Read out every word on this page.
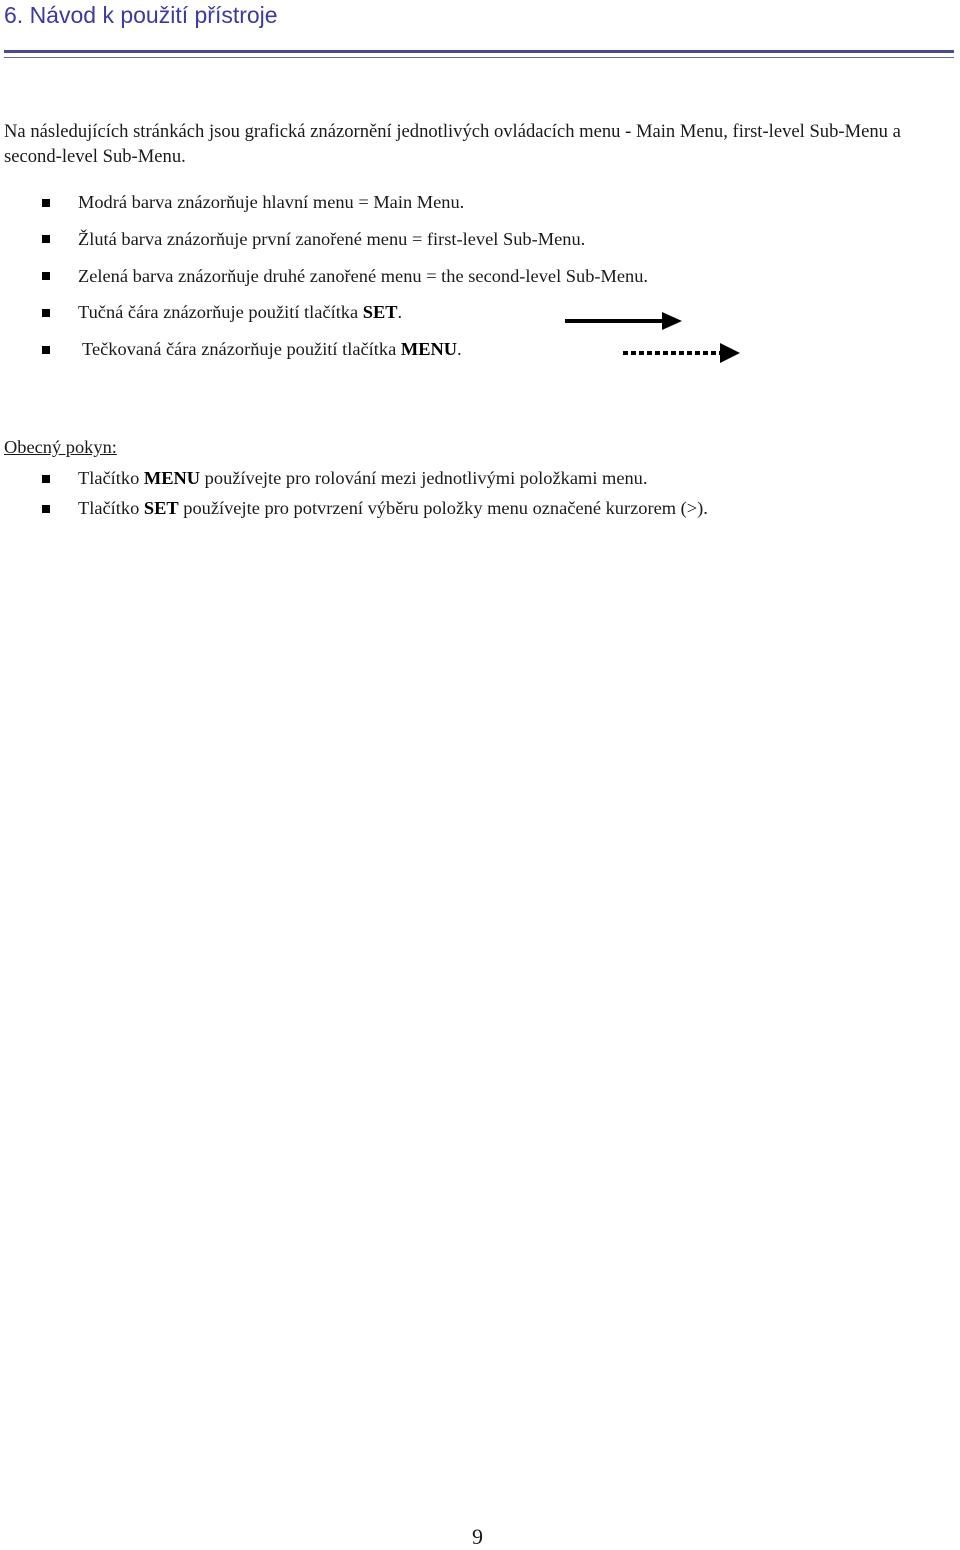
6. Návod k použití přístroje
Na následujících stránkách jsou grafická znázornění jednotlivých ovládacích menu - Main Menu, first-level Sub-Menu a second-level Sub-Menu.
Modrá barva znázorňuje hlavní menu = Main Menu.
Žlutá barva znázorňuje první zanořené menu = first-level Sub-Menu.
Zelená barva znázorňuje druhé zanořené menu = the second-level Sub-Menu.
Tučná čára znázorňuje použití tlačítka SET.
Tečkovaná čára znázorňuje použití tlačítka MENU.
Obecný pokyn:
Tlačítko MENU používejte pro rolování mezi jednotlivými položkami menu.
Tlačítko SET používejte pro potvrzení výběru položky menu označené kurzorem (>).
9
